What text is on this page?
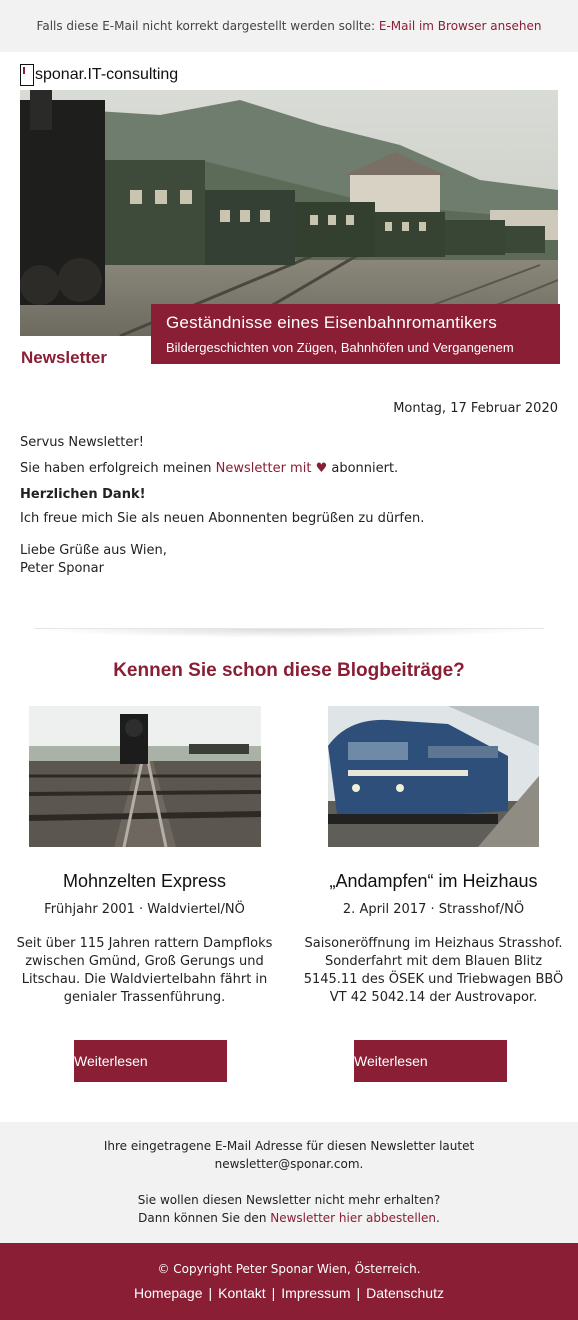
Falls diese E-Mail nicht korrekt dargestellt werden sollte: E-Mail im Browser ansehen
sponar.IT-consulting
Geständnisse eines Eisenbahnromantikers
Bildergeschichten von Zügen, Bahnhöfen und Vergangenem
Newsletter
Montag, 17 Februar 2020
Servus Newsletter!
Sie haben erfolgreich meinen Newsletter mit ♥ abonniert.
Herzlichen Dank!
Ich freue mich Sie als neuen Abonnenten begrüßen zu dürfen.
Liebe Grüße aus Wien,
Peter Sponar
Kennen Sie schon diese Blogbeiträge?
Mohnzelten Express
Frühjahr 2001 · Waldviertel/NÖ
Seit über 115 Jahren rattern Dampfloks zwischen Gmünd, Groß Gerungs und Litschau. Die Waldviertelbahn fährt in genialer Trassenführung.
„Andampfen“ im Heizhaus
2. April 2017 · Strasshof/NÖ
Saisoneröffnung im Heizhaus Strasshof. Sonderfahrt mit dem Blauen Blitz 5145.11 des ÖSEK und Triebwagen BBÖ VT 42 5042.14 der Austrovapor.
Weiterlesen	Weiterlesen
Ihre eingetragene E-Mail Adresse für diesen Newsletter lautet
newsletter@sponar.com.
Sie wollen diesen Newsletter nicht mehr erhalten?
Dann können Sie den Newsletter hier abbestellen.
© Copyright Peter Sponar Wien, Österreich.
Homepage | Kontakt | Impressum | Datenschutz
